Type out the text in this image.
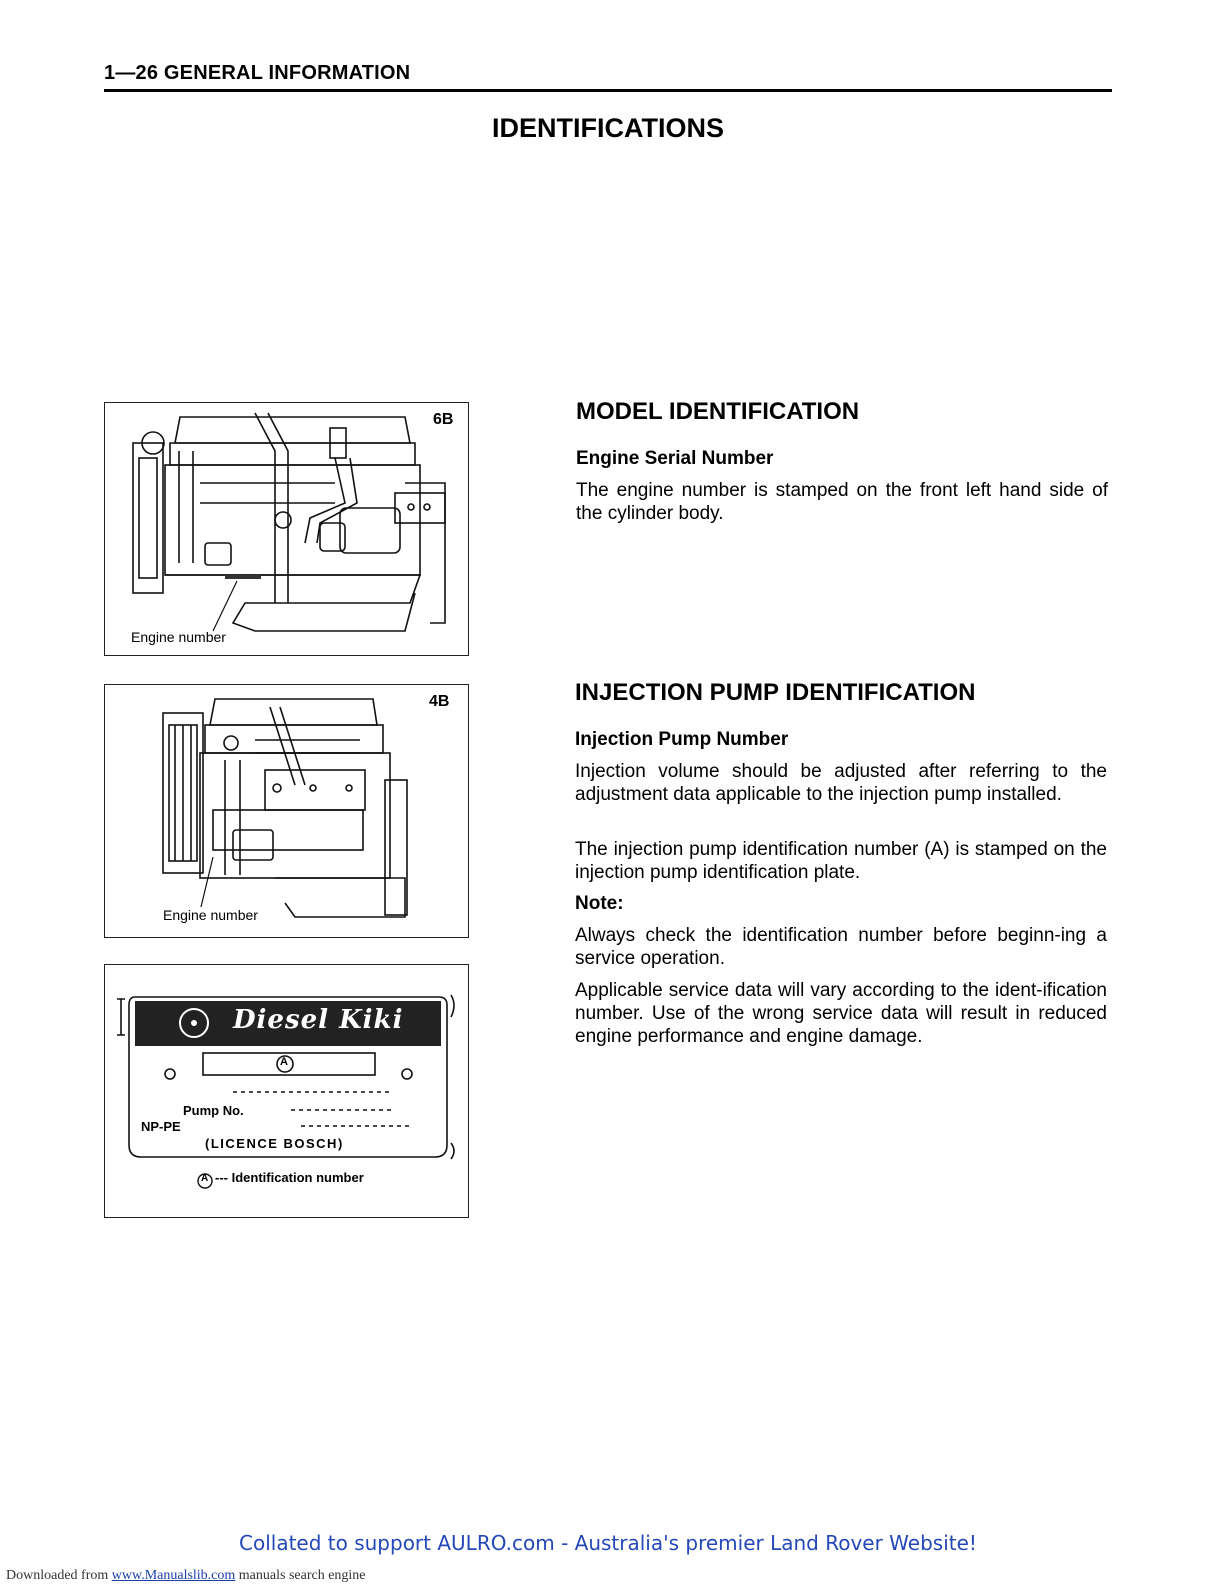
1—26 GENERAL INFORMATION
IDENTIFICATIONS
6B
Engine number
4B
Engine number
Diesel Kiki
A
Pump No.
NP-PE
(LICENCE BOSCH)
A --- Identification number
MODEL IDENTIFICATION
Engine Serial Number
The engine number is stamped on the front left hand side of the cylinder body.
INJECTION PUMP IDENTIFICATION
Injection Pump Number
Injection volume should be adjusted after referring to the adjustment data applicable to the injection pump installed.
The injection pump identification number (A) is stamped on the injection pump identification plate.
Note:
Always check the identification number before beginn-ing a service operation.
Applicable service data will vary according to the ident-ification number. Use of the wrong service data will result in reduced engine performance and engine damage.
Downloaded from www.Manualslib.com manuals search engine
Collated to support AULRO.com - Australia's premier Land Rover Website!
